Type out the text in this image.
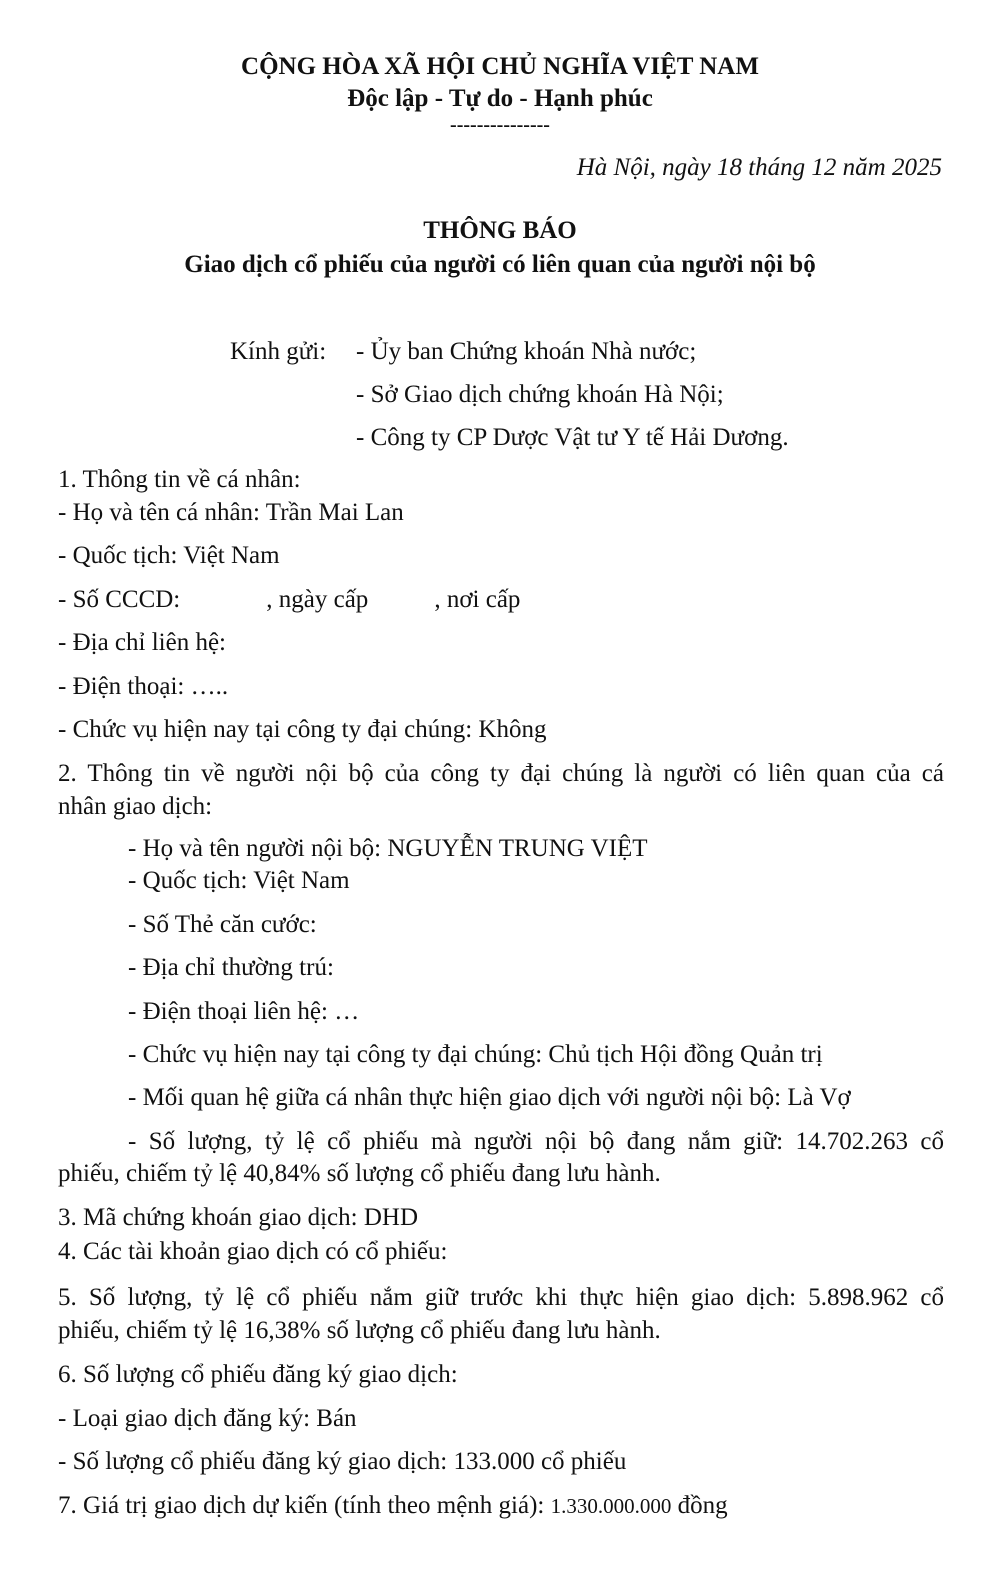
CỘNG HÒA XÃ HỘI CHỦ NGHĨA VIỆT NAM
Độc lập - Tự do - Hạnh phúc
---------------
Hà Nội, ngày 18 tháng 12 năm 2025
THÔNG BÁO
Giao dịch cổ phiếu của người có liên quan của người nội bộ
Kính gửi: - Ủy ban Chứng khoán Nhà nước;
- Sở Giao dịch chứng khoán Hà Nội;
- Công ty CP Dược Vật tư Y tế Hải Dương.
1. Thông tin về cá nhân:
- Họ và tên cá nhân: Trần Mai Lan
- Quốc tịch: Việt Nam
- Số CCCD:	, ngày cấp	, nơi cấp
- Địa chỉ liên hệ:
- Điện thoại: …..
- Chức vụ hiện nay tại công ty đại chúng: Không
2. Thông tin về người nội bộ của công ty đại chúng là người có liên quan của cá
nhân giao dịch:
- Họ và tên người nội bộ: NGUYỄN TRUNG VIỆT
- Quốc tịch: Việt Nam
- Số Thẻ căn cước:
- Địa chỉ thường trú:
- Điện thoại liên hệ: …
- Chức vụ hiện nay tại công ty đại chúng: Chủ tịch Hội đồng Quản trị
- Mối quan hệ giữa cá nhân thực hiện giao dịch với người nội bộ: Là Vợ
- Số lượng, tỷ lệ cổ phiếu mà người nội bộ đang nắm giữ: 14.702.263 cổ
phiếu, chiếm tỷ lệ 40,84% số lượng cổ phiếu đang lưu hành.
3. Mã chứng khoán giao dịch: DHD
4. Các tài khoản giao dịch có cổ phiếu:
5. Số lượng, tỷ lệ cổ phiếu nắm giữ trước khi thực hiện giao dịch: 5.898.962 cổ
phiếu, chiếm tỷ lệ 16,38% số lượng cổ phiếu đang lưu hành.
6. Số lượng cổ phiếu đăng ký giao dịch:
- Loại giao dịch đăng ký: Bán
- Số lượng cổ phiếu đăng ký giao dịch: 133.000 cổ phiếu
7. Giá trị giao dịch dự kiến (tính theo mệnh giá): 1.330.000.000 đồng
